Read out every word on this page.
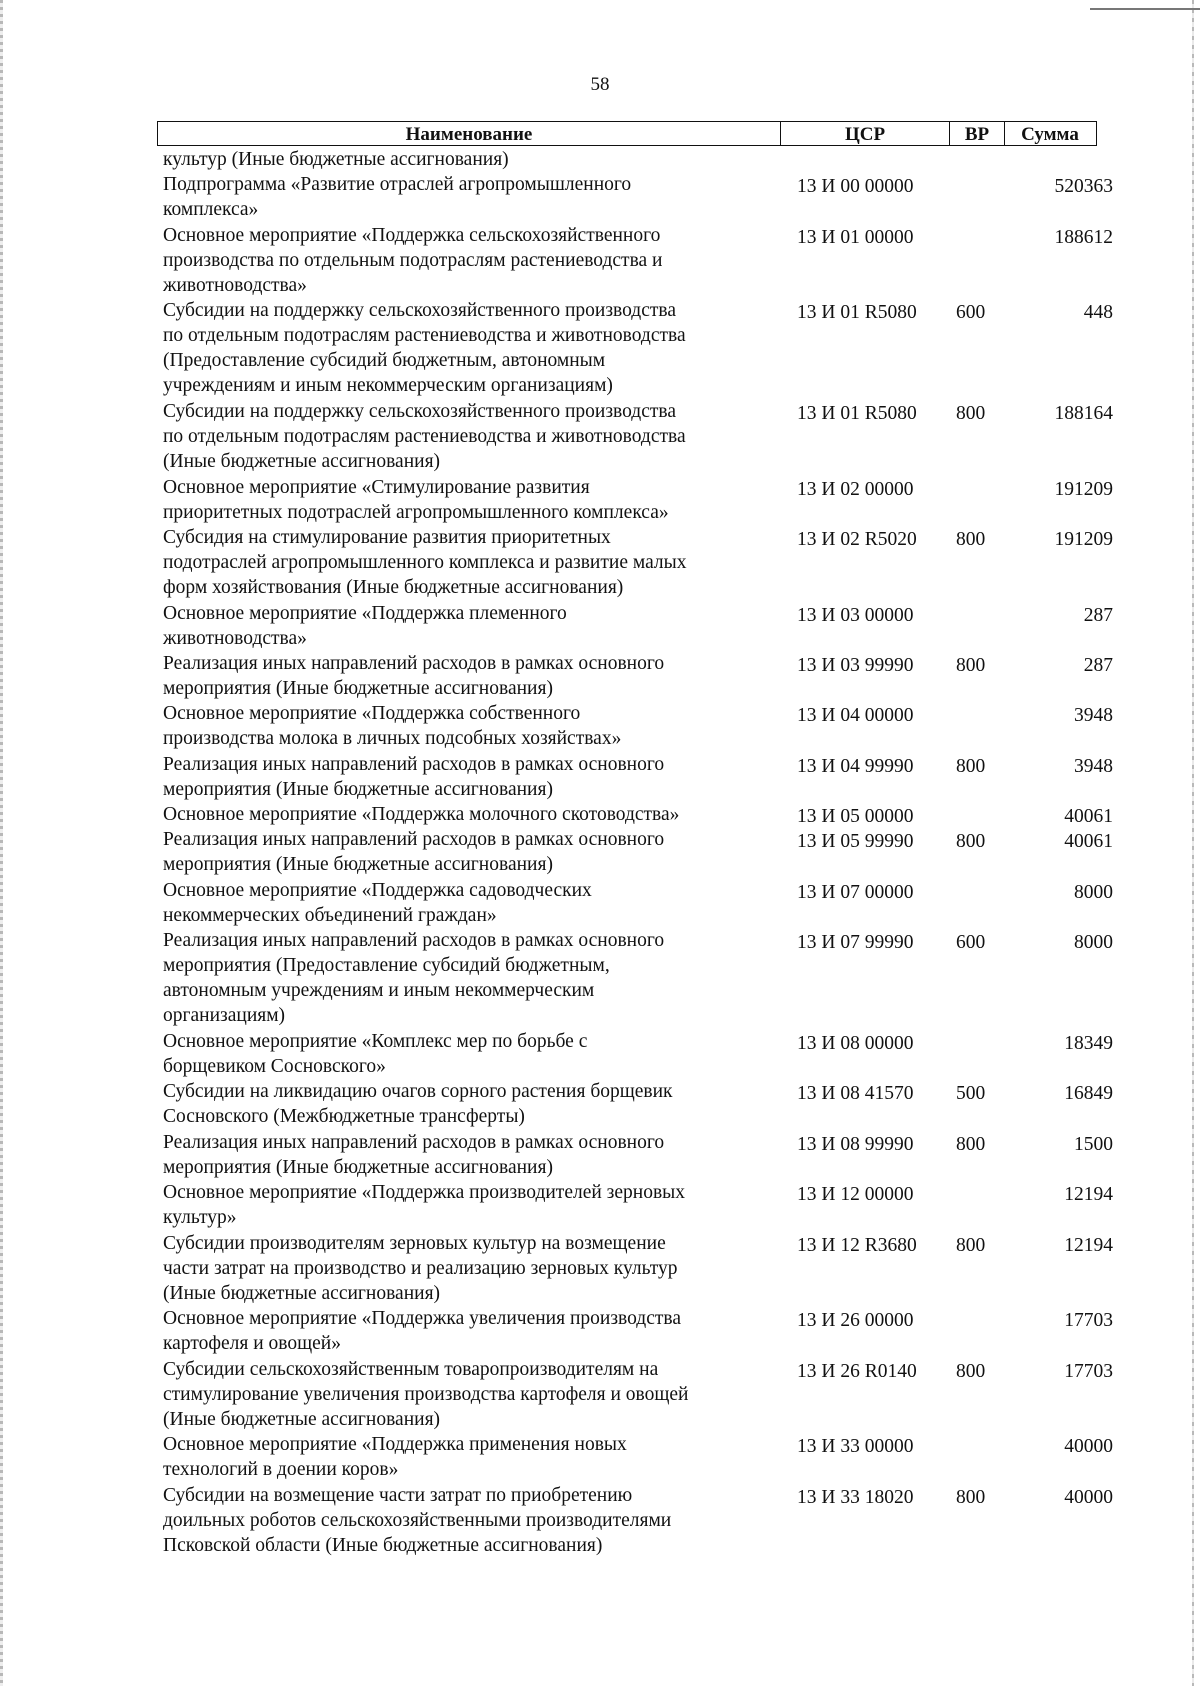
58
Наименование	ЦСР	ВР	Сумма
культур (Иные бюджетные ассигнования)
Подпрограмма «Развитие отраслей агропромышленного
комплекса»
13 И 00 00000	520363
Основное мероприятие «Поддержка сельскохозяйственного
производства по отдельным подотраслям растениеводства и
животноводства»
13 И 01 00000	188612
Субсидии на поддержку сельскохозяйственного производства
по отдельным подотраслям растениеводства и животноводства
(Предоставление субсидий бюджетным, автономным
учреждениям и иным некоммерческим организациям)
13 И 01 R5080	600	448
Субсидии на поддержку сельскохозяйственного производства
по отдельным подотраслям растениеводства и животноводства
(Иные бюджетные ассигнования)
13 И 01 R5080	800	188164
Основное мероприятие «Стимулирование развития
приоритетных подотраслей агропромышленного комплекса»
13 И 02 00000	191209
Субсидия на стимулирование развития приоритетных
подотраслей агропромышленного комплекса и развитие малых
форм хозяйствования (Иные бюджетные ассигнования)
13 И 02 R5020	800	191209
Основное мероприятие «Поддержка племенного
животноводства»
13 И 03 00000	287
Реализация иных направлений расходов в рамках основного
мероприятия (Иные бюджетные ассигнования)
13 И 03 99990	800	287
Основное мероприятие «Поддержка собственного
производства молока в личных подсобных хозяйствах»
13 И 04 00000	3948
Реализация иных направлений расходов в рамках основного
мероприятия (Иные бюджетные ассигнования)
13 И 04 99990	800	3948
Основное мероприятие «Поддержка молочного скотоводства»	13 И 05 00000	40061
Реализация иных направлений расходов в рамках основного
мероприятия (Иные бюджетные ассигнования)
13 И 05 99990	800	40061
Основное мероприятие «Поддержка садоводческих
некоммерческих объединений граждан»
13 И 07 00000	8000
Реализация иных направлений расходов в рамках основного
мероприятия (Предоставление субсидий бюджетным,
автономным учреждениям и иным некоммерческим
организациям)
13 И 07 99990	600	8000
Основное мероприятие «Комплекс мер по борьбе с
борщевиком Сосновского»
13 И 08 00000	18349
Субсидии на ликвидацию очагов сорного растения борщевик
Сосновского (Межбюджетные трансферты)
13 И 08 41570	500	16849
Реализация иных направлений расходов в рамках основного
мероприятия (Иные бюджетные ассигнования)
13 И 08 99990	800	1500
Основное мероприятие «Поддержка производителей зерновых
культур»
13 И 12 00000	12194
Субсидии производителям зерновых культур на возмещение
части затрат на производство и реализацию зерновых культур
(Иные бюджетные ассигнования)
13 И 12 R3680	800	12194
Основное мероприятие «Поддержка увеличения производства
картофеля и овощей»
13 И 26 00000	17703
Субсидии сельскохозяйственным товаропроизводителям на
стимулирование увеличения производства картофеля и овощей
(Иные бюджетные ассигнования)
13 И 26 R0140	800	17703
Основное мероприятие «Поддержка применения новых
технологий в доении коров»
13 И 33 00000	40000
Субсидии на возмещение части затрат по приобретению
доильных роботов сельскохозяйственными производителями
Псковской области (Иные бюджетные ассигнования)
13 И 33 18020	800	40000
